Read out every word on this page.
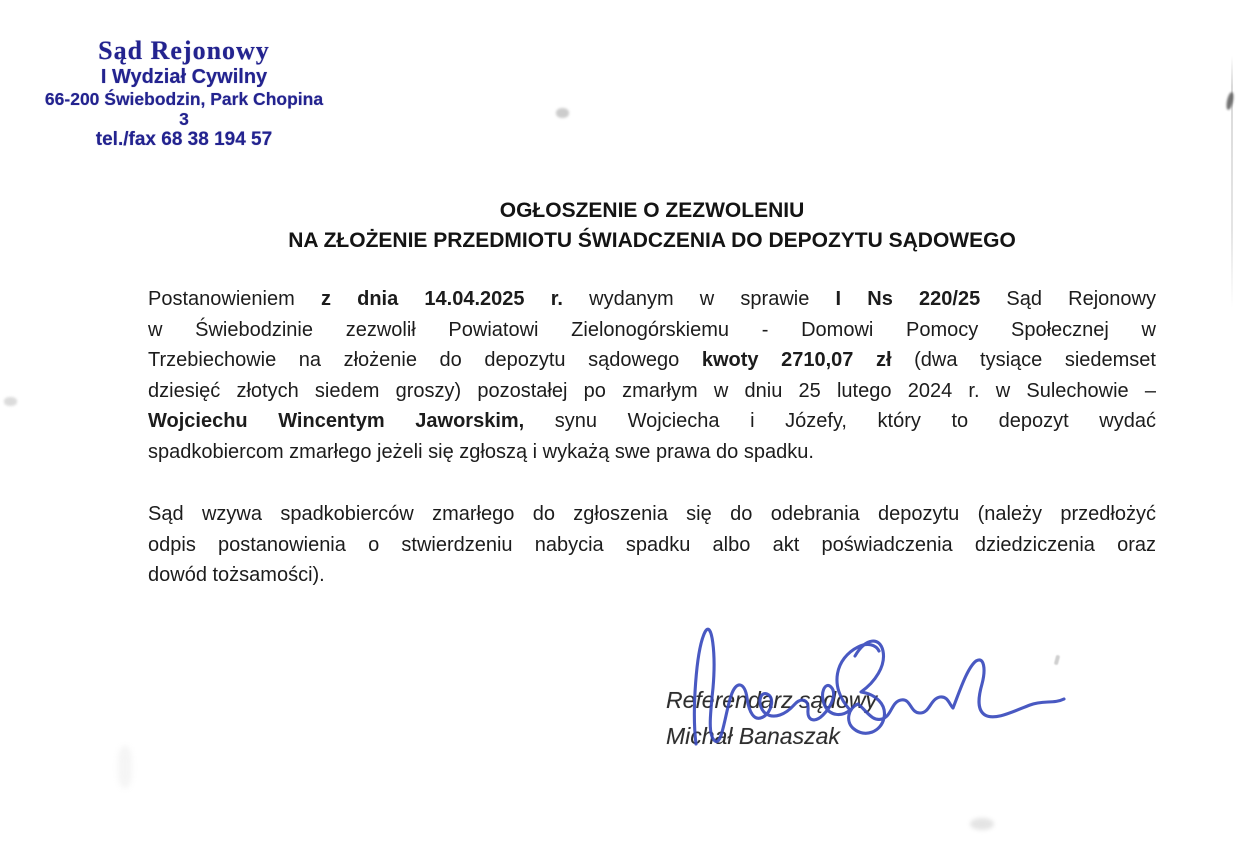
Sąd Rejonowy
I Wydział Cywilny
66-200 Świebodzin, Park Chopina 3
tel./fax 68 38 194 57
OGŁOSZENIE O ZEZWOLENIU
NA ZŁOŻENIE PRZEDMIOTU ŚWIADCZENIA DO DEPOZYTU SĄDOWEGO
Postanowieniem z dnia 14.04.2025 r. wydanym w sprawie I Ns 220/25 Sąd Rejonowy
w Świebodzinie zezwolił Powiatowi Zielonogórskiemu - Domowi Pomocy Społecznej w
Trzebiechowie na złożenie do depozytu sądowego kwoty 2710,07 zł (dwa tysiące siedemset
dziesięć złotych siedem groszy) pozostałej po zmarłym w dniu 25 lutego 2024 r. w Sulechowie –
Wojciechu Wincentym Jaworskim, synu Wojciecha i Józefy, który to depozyt wydać
spadkobiercom zmarłego jeżeli się zgłoszą i wykażą swe prawa do spadku.
Sąd wzywa spadkobierców zmarłego do zgłoszenia się do odebrania depozytu (należy przedłożyć
odpis postanowienia o stwierdzeniu nabycia spadku albo akt poświadczenia dziedziczenia oraz
dowód tożsamości).
Referendarz sądowy
Michał Banaszak
